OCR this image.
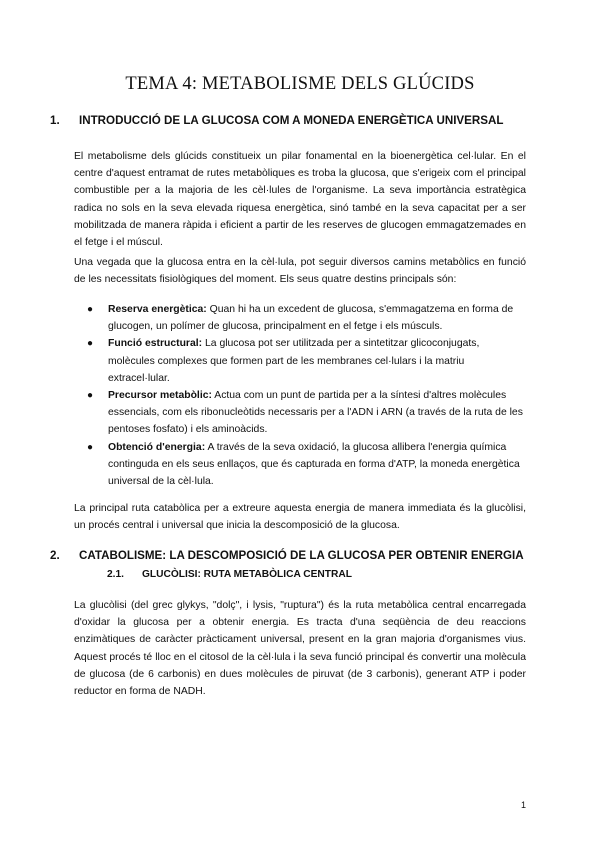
TEMA 4: METABOLISME DELS GLÚCIDS
1. INTRODUCCIÓ DE LA GLUCOSA COM A MONEDA ENERGÈTICA UNIVERSAL

El metabolisme dels glúcids constitueix un pilar fonamental en la bioenergètica cel·lular. En el centre d'aquest entramat de rutes metabòliques es troba la glucosa, que s'erigeix com el principal combustible per a la majoria de les cèl·lules de l'organisme. La seva importància estratègica radica no sols en la seva elevada riquesa energètica, sinó també en la seva capacitat per a ser mobilitzada de manera ràpida i eficient a partir de les reserves de glucogen emmagatzemades en el fetge i el múscul.

Una vegada que la glucosa entra en la cèl·lula, pot seguir diversos camins metabòlics en funció de les necessitats fisiològiques del moment. Els seus quatre destins principals són:

● Reserva energètica: Quan hi ha un excedent de glucosa, s'emmagatzema en forma de glucogen, un polímer de glucosa, principalment en el fetge i els músculs.
● Funció estructural: La glucosa pot ser utilitzada per a sintetitzar glicoconjugats, molècules complexes que formen part de les membranes cel·lulars i la matriu extracel·lular.
● Precursor metabòlic: Actua com un punt de partida per a la síntesi d'altres molècules essencials, com els ribonucleòtids necessaris per a l'ADN i ARN (a través de la ruta de les pentoses fosfato) i els aminoàcids.
● Obtenció d'energia: A través de la seva oxidació, la glucosa allibera l'energia química continguda en els seus enllaços, que és capturada en forma d'ATP, la moneda energètica universal de la cèl·lula.

La principal ruta catabòlica per a extreure aquesta energia de manera immediata és la glucòlisi, un procés central i universal que inicia la descomposició de la glucosa.

2. CATABOLISME: LA DESCOMPOSICIÓ DE LA GLUCOSA PER OBTENIR ENERGIA
2.1. GLUCÒLISI: RUTA METABÒLICA CENTRAL

La glucòlisi (del grec glykys, "dolç", i lysis, "ruptura") és la ruta metabòlica central encarregada d'oxidar la glucosa per a obtenir energia. Es tracta d'una seqüència de deu reaccions enzimàtiques de caràcter pràcticament universal, present en la gran majoria d'organismes vius. Aquest procés té lloc en el citosol de la cèl·lula i la seva funció principal és convertir una molècula de glucosa (de 6 carbonis) en dues molècules de piruvat (de 3 carbonis), generant ATP i poder reductor en forma de NADH.

1
